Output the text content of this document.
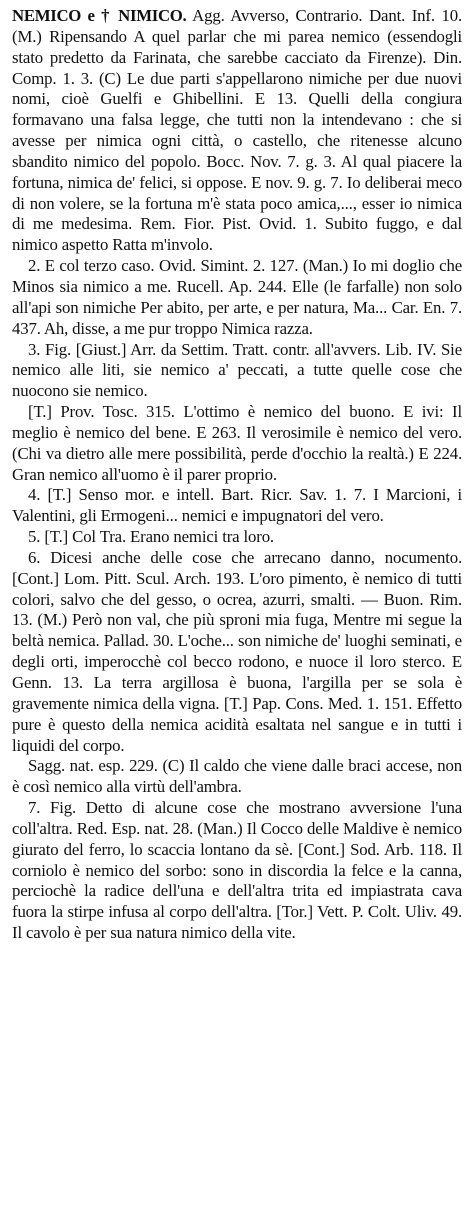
NEMICO e † NIMICO. Agg. Avverso, Contrario. Dant. Inf. 10. (M.) Ripensando A quel parlar che mi parea nemico (essendogli stato predetto da Farinata, che sarebbe cacciato da Firenze). Din. Comp. 1. 3. (C) Le due parti s'appellarono nimiche per due nuovi nomi, cioè Guelfi e Ghibellini. E 13. Quelli della congiura formavano una falsa legge, che tutti non la intendevano : che si avesse per nimica ogni città, o castello, che ritenesse alcuno sbandito nimico del popolo. Bocc. Nov. 7. g. 3. Al qual piacere la fortuna, nimica de' felici, si oppose. E nov. 9. g. 7. Io deliberai meco di non volere, se la fortuna m'è stata poco amica,..., esser io nimica di me medesima. Rem. Fior. Pist. Ovid. 1. Subito fuggo, e dal nimico aspetto Ratta m'involo.

2. E col terzo caso. Ovid. Simint. 2. 127. (Man.) Io mi doglio che Minos sia nimico a me. Rucell. Ap. 244. Elle (le farfalle) non solo all'api son nimiche Per abito, per arte, e per natura, Ma... Car. En. 7. 437. Ah, disse, a me pur troppo Nimica razza.

3. Fig. [Giust.] Arr. da Settim. Tratt. contr. all'avvers. Lib. IV. Sie nemico alle liti, sie nemico a' peccati, a tutte quelle cose che nuocono sie nemico.

[T.] Prov. Tosc. 315. L'ottimo è nemico del buono. E ivi: Il meglio è nemico del bene. E 263. Il verosimile è nemico del vero. (Chi va dietro alle mere possibilità, perde d'occhio la realtà.) E 224. Gran nemico all'uomo è il parer proprio.

4. [T.] Senso mor. e intell. Bart. Ricr. Sav. 1. 7. I Marcioni, i Valentini, gli Ermogeni... nemici e impugnatori del vero.

5. [T.] Col Tra. Erano nemici tra loro.

6. Dicesi anche delle cose che arrecano danno, nocumento. [Cont.] Lom. Pitt. Scul. Arch. 193. L'oro pimento, è nemico di tutti colori, salvo che del gesso, o ocrea, azurri, smalti. — Buon. Rim. 13. (M.) Però non val, che più sproni mia fuga, Mentre mi segue la beltà nemica. Pallad. 30. L'oche... son nimiche de' luoghi seminati, e degli orti, imperocchè col becco rodono, e nuoce il loro sterco. E Genn. 13. La terra argillosa è buona, l'argilla per se sola è gravemente nimica della vigna. [T.] Pap. Cons. Med. 1. 151. Effetto pure è questo della nemica acidità esaltata nel sangue e in tutti i liquidi del corpo.

Sagg. nat. esp. 229. (C) Il caldo che viene dalle braci accese, non è così nemico alla virtù dell'ambra.

7. Fig. Detto di alcune cose che mostrano avversione l'una coll'altra. Red. Esp. nat. 28. (Man.) Il Cocco delle Maldive è nemico giurato del ferro, lo scaccia lontano da sè. [Cont.] Sod. Arb. 118. Il corniolo è nemico del sorbo: sono in discordia la felce e la canna, perciochè la radice dell'una e dell'altra trita ed impiastrata cava fuora la stirpe infusa al corpo dell'altra. [Tor.] Vett. P. Colt. Uliv. 49. Il cavolo è per sua natura nimico della vite.
